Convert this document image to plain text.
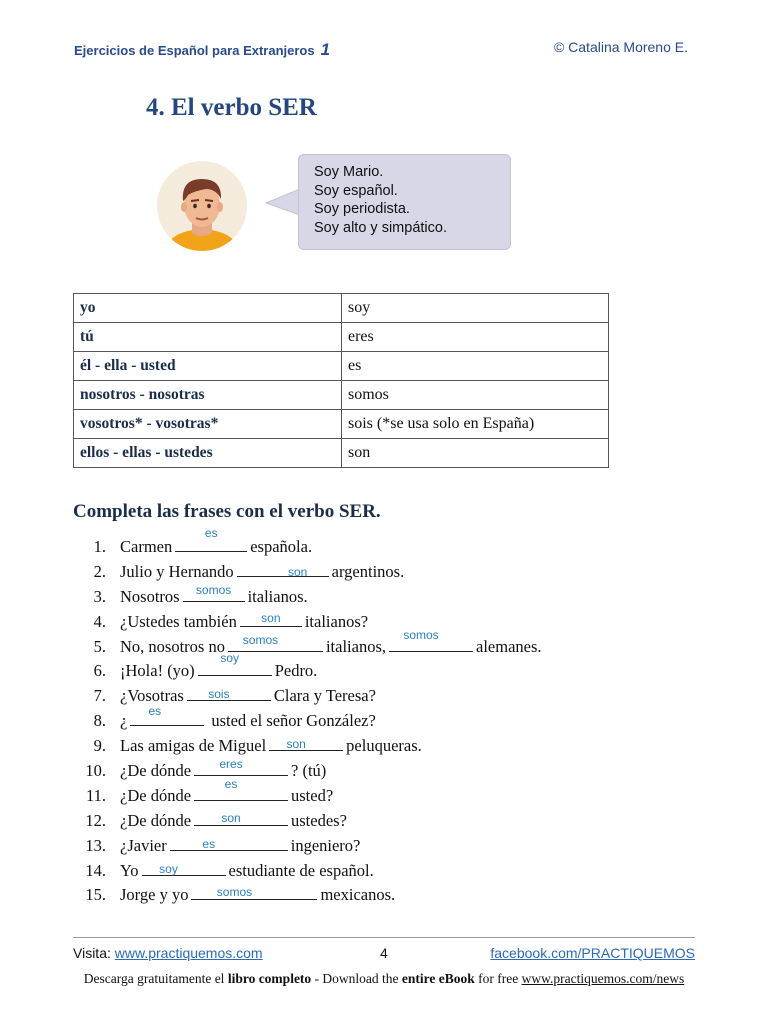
Ejercicios de Español para Extranjeros 1	© Catalina Moreno E.
4. El verbo SER
Soy Mario.
Soy español.
Soy periodista.
Soy alto y simpático.
yo	soy
tú	eres
él - ella - usted	es
nosotros - nosotras	somos
vosotros* - vosotras*	sois (*se usa solo en España)
ellos - ellas - ustedes	son
Completa las frases con el verbo SER.
1. Carmen
es
española.
2. Julio y Hernando	son	argentinos.
3. Nosotros	somos italianos.
4. ¿Ustedes también	son	italianos?
5. No, nosotros no	somos	italianos,
somos
alemanes.
6. ¡Hola! (yo)
soy
Pedro.
7. ¿Vosotras	sois	Clara y Teresa?
8. ¿	es	usted el señor González?
9. Las amigas de Miguel	son	peluqueras.
10. ¿De dónde	eres	? (tú)
11. ¿De dónde
es
usted?
12. ¿De dónde	son	ustedes?
13. ¿Javier	es	ingeniero?
14. Yo	soy	estudiante de español.
15. Jorge y yo	somos	mexicanos.
Visita: www.practiquemos.com	4	facebook.com/PRACTIQUEMOS
Descarga gratuitamente el libro completo - Download the entire eBook for free www.practiquemos.com/news
